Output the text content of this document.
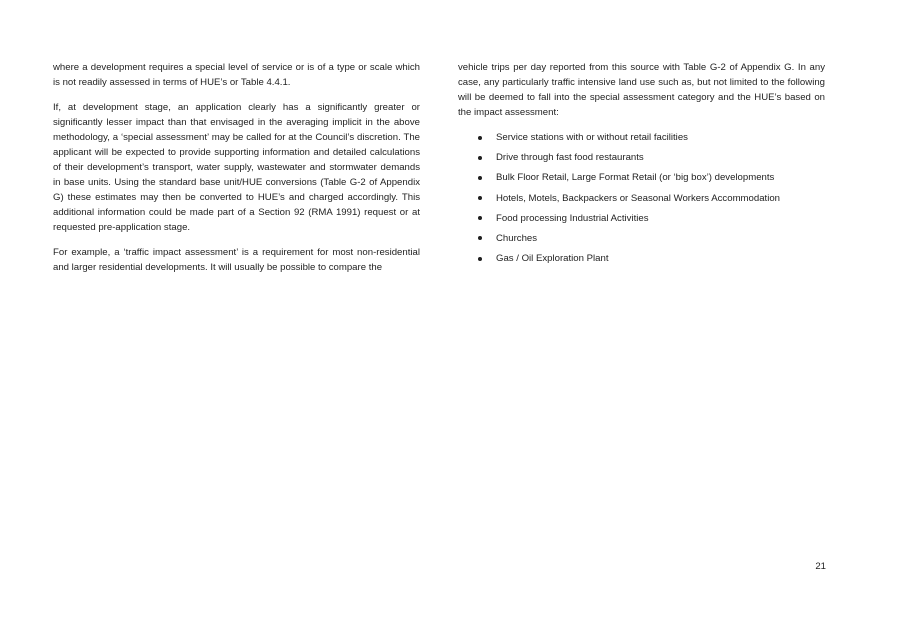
where a development requires a special level of service or is of a type or scale which is not readily assessed in terms of HUE’s or Table 4.4.1.

If, at development stage, an application clearly has a significantly greater or significantly lesser impact than that envisaged in the averaging implicit in the above methodology, a ‘special assessment’ may be called for at the Council’s discretion. The applicant will be expected to provide supporting information and detailed calculations of their development’s transport, water supply, wastewater and stormwater demands in base units. Using the standard base unit/HUE conversions (Table G-2 of Appendix G) these estimates may then be converted to HUE’s and charged accordingly. This additional information could be made part of a Section 92 (RMA 1991) request or at requested pre-application stage.

For example, a ‘traffic impact assessment’ is a requirement for most non-residential and larger residential developments. It will usually be possible to compare the

vehicle trips per day reported from this source with Table G-2 of Appendix G. In any case, any particularly traffic intensive land use such as, but not limited to the following will be deemed to fall into the special assessment category and the HUE’s based on the impact assessment:

Service stations with or without retail facilities
Drive through fast food restaurants
Bulk Floor Retail, Large Format Retail (or ‘big box’) developments
Hotels, Motels, Backpackers or Seasonal Workers Accommodation
Food processing Industrial Activities
Churches
Gas / Oil Exploration Plant
21
